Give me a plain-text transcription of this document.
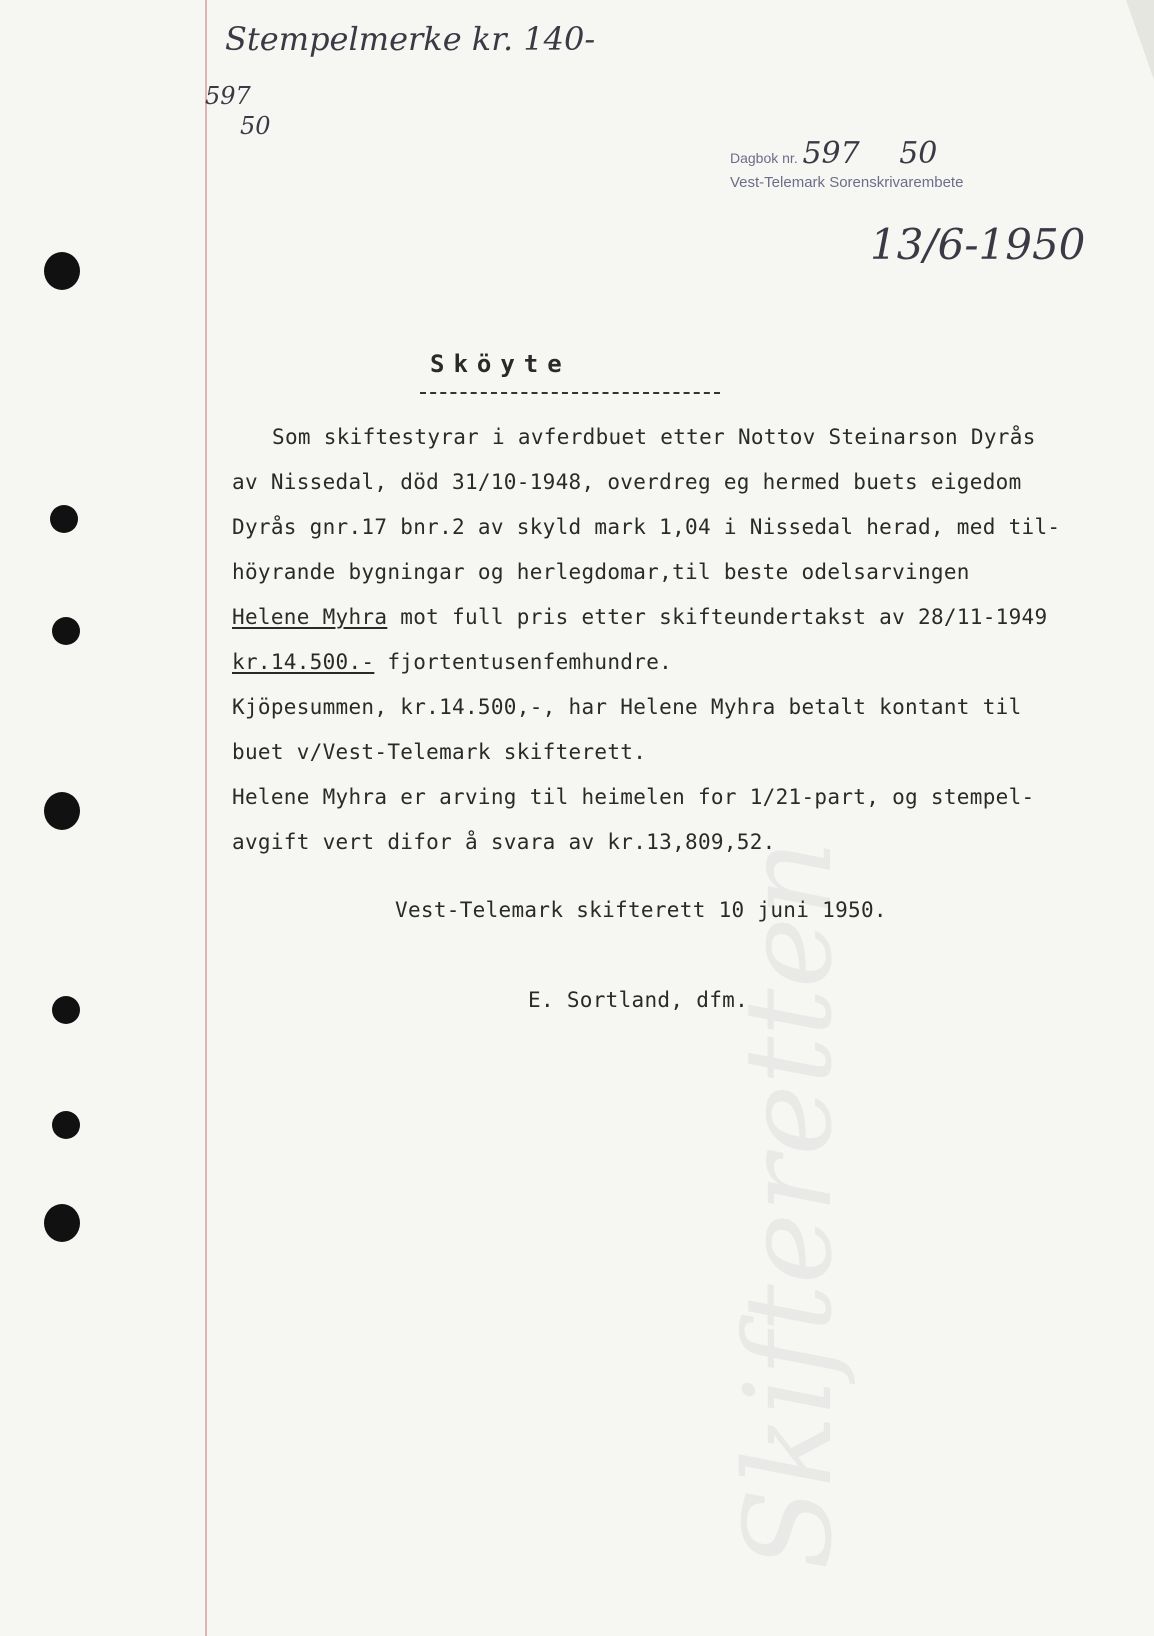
Skifteretten
Stempelmerke kr. 140-
597
50
13/6-1950
Dagbok nr. 597 50
Vest-Telemark Sorenskrivarembete
Sköyte
Som skiftestyrar i avferdbuet etter Nottov Steinarson Dyrås
av Nissedal, död 31/10-1948, overdreg eg hermed buets eigedom
Dyrås gnr.17 bnr.2 av skyld mark 1,04 i Nissedal herad, med til-
höyrande bygningar og herlegdomar,til beste odelsarvingen
Helene Myhra mot full pris etter skifteundertakst av 28/11-1949
kr.14.500.- fjortentusenfemhundre.
Kjöpesummen, kr.14.500,-, har Helene Myhra betalt kontant til
buet v/Vest-Telemark skifterett.
Helene Myhra er arving til heimelen for 1/21-part, og stempel-
avgift vert difor å svara av kr.13,809,52.
Vest-Telemark skifterett 10 juni 1950.
E. Sortland, dfm.
